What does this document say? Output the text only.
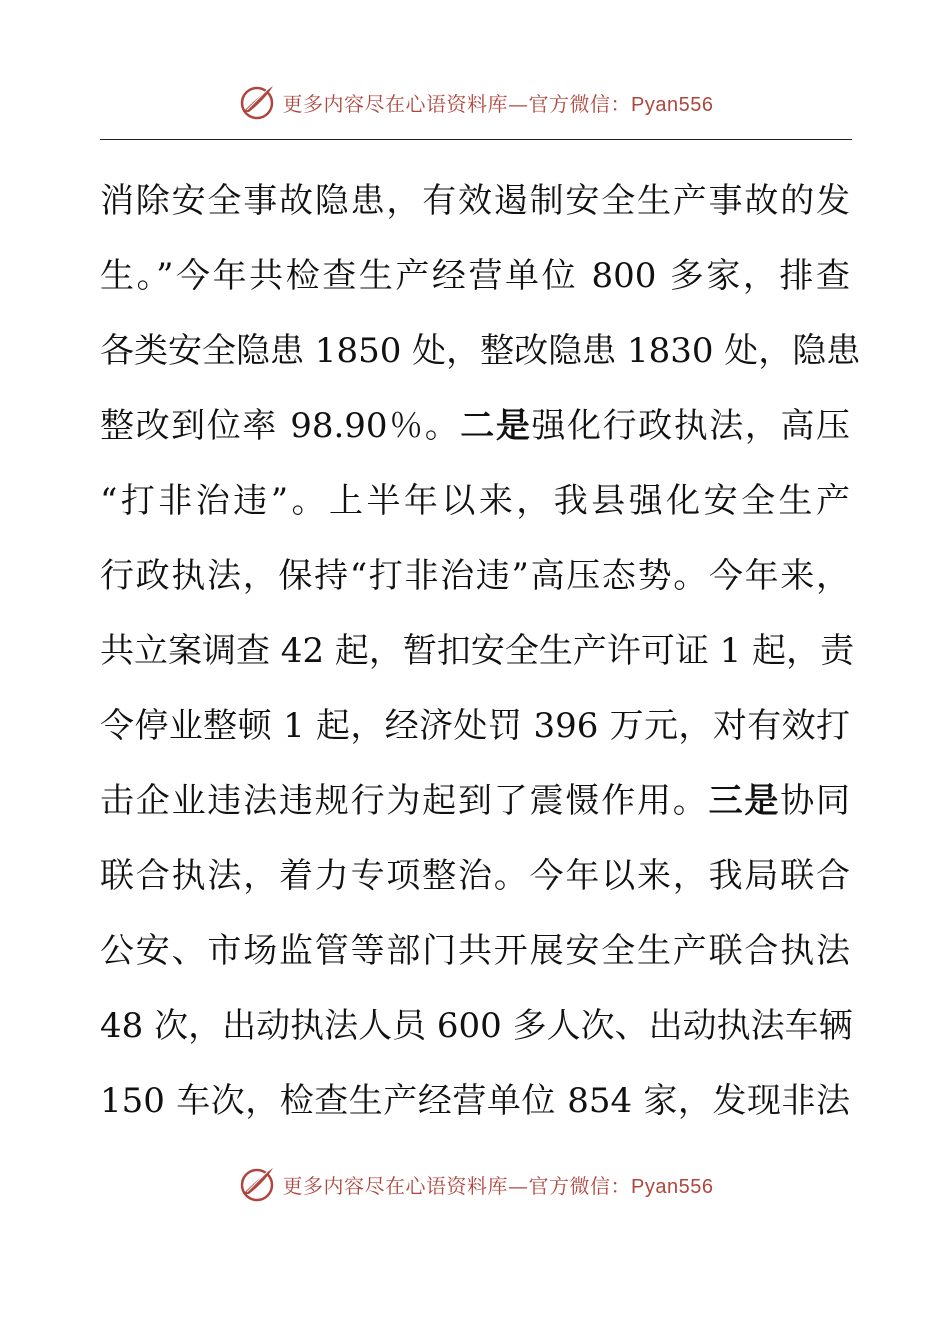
更多内容尽在心语资料库—官方微信：Pyan556
消除安全事故隐患，有效遏制安全生产事故的发
生。”今年共检查生产经营单位 800 多家，排查
各类安全隐患 1850 处，整改隐患 1830 处，隐患
整改到位率 98.90％。二是强化行政执法，高压
“打非治违”。上半年以来，我县强化安全生产
行政执法，保持“打非治违”高压态势。今年来，
共立案调查 42 起，暂扣安全生产许可证 1 起，责
令停业整顿 1 起，经济处罚 396 万元，对有效打
击企业违法违规行为起到了震慑作用。三是协同
联合执法，着力专项整治。今年以来，我局联合
公安、市场监管等部门共开展安全生产联合执法
48 次，出动执法人员 600 多人次、出动执法车辆
150 车次，检查生产经营单位 854 家，发现非法
更多内容尽在心语资料库—官方微信：Pyan556
